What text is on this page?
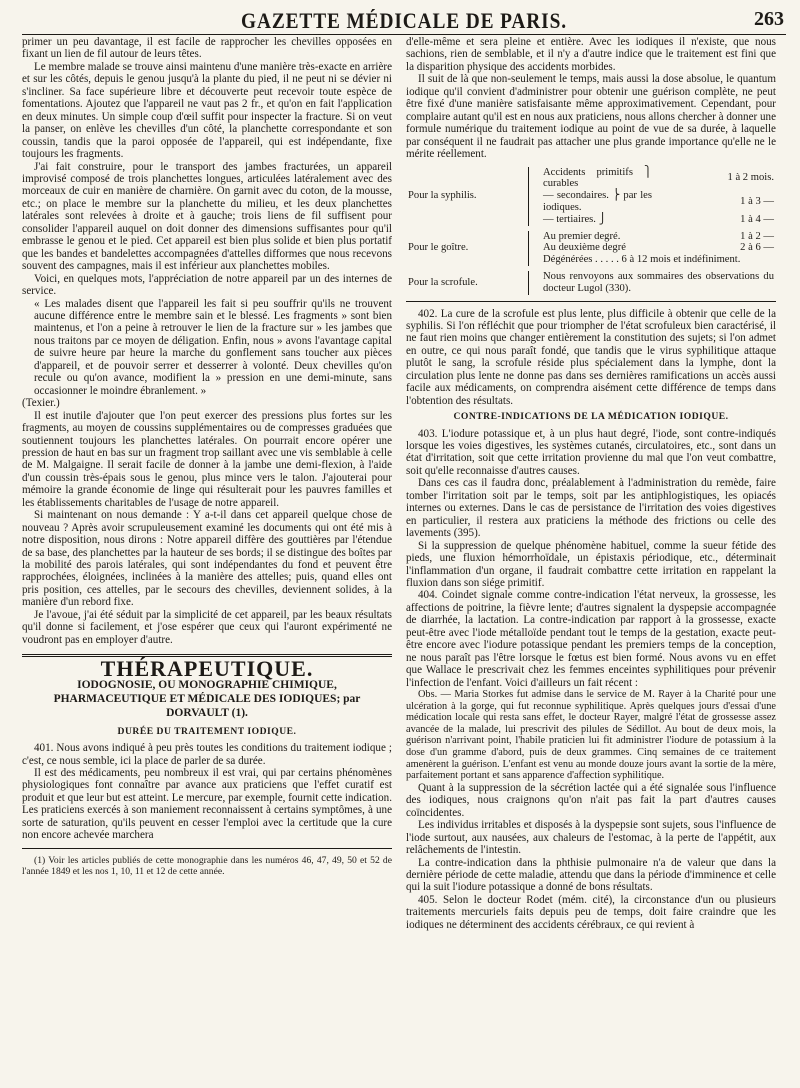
GAZETTE MÉDICALE DE PARIS.	263

primer un peu davantage, il est facile de rapprocher les chevilles opposées en fixant un lien de fil autour de leurs têtes.

Le membre malade se trouve ainsi maintenu d'une manière très-exacte en arrière et sur les côtés, depuis le genou jusqu'à la plante du pied, il ne peut ni se dévier ni s'incliner. Sa face supérieure libre et découverte peut recevoir toute espèce de fomentations. Ajoutez que l'appareil ne vaut pas 2 fr., et qu'on en fait l'application en deux minutes. Un simple coup d'œil suffit pour inspecter la fracture. Si on veut la panser, on enlève les chevilles d'un côté, la planchette correspondante et son coussin, tandis que la paroi opposée de l'appareil, qui est indépendante, fixe toujours les fragments.

J'ai fait construire, pour le transport des jambes fracturées, un appareil improvisé composé de trois planchettes longues, articulées latéralement avec des morceaux de cuir en manière de charnière. On garnit avec du coton, de la mousse, etc.; on place le membre sur la planchette du milieu, et les deux planchettes latérales sont relevées à droite et à gauche; trois liens de fil suffisent pour consolider l'appareil auquel on doit donner des dimensions suffisantes pour qu'il embrasse le genou et le pied. Cet appareil est bien plus solide et bien plus portatif que les bandes et bandelettes accompagnées d'attelles difformes que nous recevons souvent des campagnes, mais il est inférieur aux planchettes mobiles.

Voici, en quelques mots, l'appréciation de notre appareil par un des internes de service.

« Les malades disent que l'appareil les fait si peu souffrir qu'ils ne trouvent aucune différence entre le membre sain et le blessé. Les fragments » sont bien maintenus, et l'on a peine à retrouver le lien de la fracture sur » les jambes que nous traitons par ce moyen de déligation. Enfin, nous » avons l'avantage capital de suivre heure par heure la marche du gonflement sans toucher aux pièces d'appareil, et de pouvoir serrer et desserrer à volonté. Deux chevilles qu'on recule ou qu'on avance, modifient la » pression en une demi-minute, sans occasionner le moindre ébranlement. »

(Texier.)

Il est inutile d'ajouter que l'on peut exercer des pressions plus fortes sur les fragments, au moyen de coussins supplémentaires ou de compresses graduées que soutiennent toujours les planchettes latérales. On pourrait encore opérer une pression de haut en bas sur un fragment trop saillant avec une vis semblable à celle de M. Malgaigne. Il serait facile de donner à la jambe une demi-flexion, à l'aide d'un coussin très-épais sous le genou, plus mince vers le talon. J'ajouterai pour mémoire la grande économie de linge qui résulterait pour les pauvres familles et les établissements charitables de l'usage de notre appareil.

Si maintenant on nous demande : Y a-t-il dans cet appareil quelque chose de nouveau ? Après avoir scrupuleusement examiné les documents qui ont été mis à notre disposition, nous dirons : Notre appareil diffère des gouttières par l'étendue de sa base, des planchettes par la hauteur de ses bords; il se distingue des boîtes par la mobilité des parois latérales, qui sont indépendantes du fond et peuvent être rapprochées, éloignées, inclinées à la manière des attelles; puis, quand elles ont pris position, ces attelles, par le secours des chevilles, deviennent solides, à la manière d'un rebord fixe.

Je l'avoue, j'ai été séduit par la simplicité de cet appareil, par les beaux résultats qu'il donne si facilement, et j'ose espérer que ceux qui l'auront expérimenté ne voudront pas en employer d'autre.

THÉRAPEUTIQUE.
IODOGNOSIE, OU MONOGRAPHIE CHIMIQUE, PHARMACEUTIQUE ET MÉDICALE DES IODIQUES; par DORVAULT (1).
DURÉE DU TRAITEMENT IODIQUE.

401. Nous avons indiqué à peu près toutes les conditions du traitement iodique ; c'est, ce nous semble, ici la place de parler de sa durée.

Il est des médicaments, peu nombreux il est vrai, qui par certains phénomènes physiologiques font connaître par avance aux praticiens que l'effet curatif est produit et que leur but est atteint. Le mercure, par exemple, fournit cette indication. Les praticiens exercés à son maniement reconnaissent à certains symptômes, à une sorte de saturation, qu'ils peuvent en cesser l'emploi avec la certitude que la cure non encore achevée marchera

(1) Voir les articles publiés de cette monographie dans les numéros 46, 47, 49, 50 et 52 de l'année 1849 et les nos 1, 10, 11 et 12 de cette année.

d'elle-même et sera pleine et entière. Avec les iodiques il n'existe, que nous sachions, rien de semblable, et il n'y a d'autre indice que le traitement est fini que la disparition physique des accidents morbides.

Il suit de là que non-seulement le temps, mais aussi la dose absolue, le quantum iodique qu'il convient d'administrer pour obtenir une guérison complète, ne peut être fixé d'une manière satisfaisante même approximativement. Cependant, pour complaire autant qu'il est en nous aux praticiens, nous allons chercher à donner une formule numérique du traitement iodique au point de vue de sa durée, à laquelle par conséquent il ne faudrait pas attacher une plus grande importance qu'elle ne le mérite réellement.

Pour la syphilis.		Accidents primitifs ⎫ curables	1 à 2 mois.
		— secondaires. ⎬ par les iodiques.	1 à 3 —
		— tertiaires. ⎭	1 à 4 —

Pour le goître.		Au premier degré.	1 à 2 —
		Au deuxième degré	2 à 6 —
		Dégénérées . . . . . 6 à 12 mois et indéfiniment.	

Pour la scrofule.		Nous renvoyons aux sommaires des observations du docteur Lugol (330).	

402. La cure de la scrofule est plus lente, plus difficile à obtenir que celle de la syphilis. Si l'on réfléchit que pour triompher de l'état scrofuleux bien caractérisé, il ne faut rien moins que changer entièrement la constitution des sujets; si l'on admet en outre, ce qui nous paraît fondé, que tandis que le virus syphilitique attaque plutôt le sang, la scrofule réside plus spécialement dans la lymphe, dont la circulation plus lente ne donne pas dans ses dernières ramifications un accès aussi facile aux médicaments, on comprendra aisément cette différence de temps dans l'obtention des résultats.

CONTRE-INDICATIONS DE LA MÉDICATION IODIQUE.

403. L'iodure potassique et, à un plus haut degré, l'iode, sont contre-indiqués lorsque les voies digestives, les systèmes cutanés, circulatoires, etc., sont dans un état d'irritation, soit que cette irritation provienne du mal que l'on veut combattre, soit qu'elle reconnaisse d'autres causes.

Dans ces cas il faudra donc, préalablement à l'administration du remède, faire tomber l'irritation soit par le temps, soit par les antiphlogistiques, les opiacés internes ou externes. Dans le cas de persistance de l'irritation des voies digestives en particulier, il restera aux praticiens la méthode des frictions ou celle des lavements (395).

Si la suppression de quelque phénomène habituel, comme la sueur fétide des pieds, une fluxion hémorrhoïdale, un épistaxis périodique, etc., déterminait l'inflammation d'un organe, il faudrait combattre cette irritation en rappelant la fluxion dans son siége primitif.

404. Coindet signale comme contre-indication l'état nerveux, la grossesse, les affections de poitrine, la fièvre lente; d'autres signalent la dyspepsie accompagnée de diarrhée, la lactation. La contre-indication par rapport à la grossesse, exacte peut-être avec l'iode métalloïde pendant tout le temps de la gestation, exacte peut-être encore avec l'iodure potassique pendant les premiers temps de la conception, ne nous paraît pas l'être lorsque le fœtus est bien formé. Nous avons vu en effet que Wallace le prescrivait chez les femmes enceintes syphilitiques pour prévenir l'infection de l'enfant. Voici d'ailleurs un fait récent :

Obs. — Maria Storkes fut admise dans le service de M. Rayer à la Charité pour une ulcération à la gorge, qui fut reconnue syphilitique. Après quelques jours d'essai d'une médication locale qui resta sans effet, le docteur Rayer, malgré l'état de grossesse assez avancée de la malade, lui prescrivit des pilules de Sédillot. Au bout de deux mois, la guérison n'arrivant point, l'habile praticien lui fit administrer l'iodure de potassium à la dose d'un gramme d'abord, puis de deux grammes. Cinq semaines de ce traitement amenèrent la guérison. L'enfant est venu au monde douze jours avant la sortie de la mère, parfaitement portant et sans apparence d'affection syphilitique.

Quant à la suppression de la sécrétion lactée qui a été signalée sous l'influence des iodiques, nous craignons qu'on n'ait pas fait la part d'autres causes coïncidentes.

Les individus irritables et disposés à la dyspepsie sont sujets, sous l'influence de l'iode surtout, aux nausées, aux chaleurs de l'estomac, à la perte de l'appétit, aux relâchements de l'intestin.

La contre-indication dans la phthisie pulmonaire n'a de valeur que dans la dernière période de cette maladie, attendu que dans la période d'imminence et celle qui la suit l'iodure potassique a donné de bons résultats.

405. Selon le docteur Rodet (mém. cité), la circonstance d'un ou plusieurs traitements mercuriels faits depuis peu de temps, doit faire craindre que les iodiques ne déterminent des accidents cérébraux, ce qui revient à
